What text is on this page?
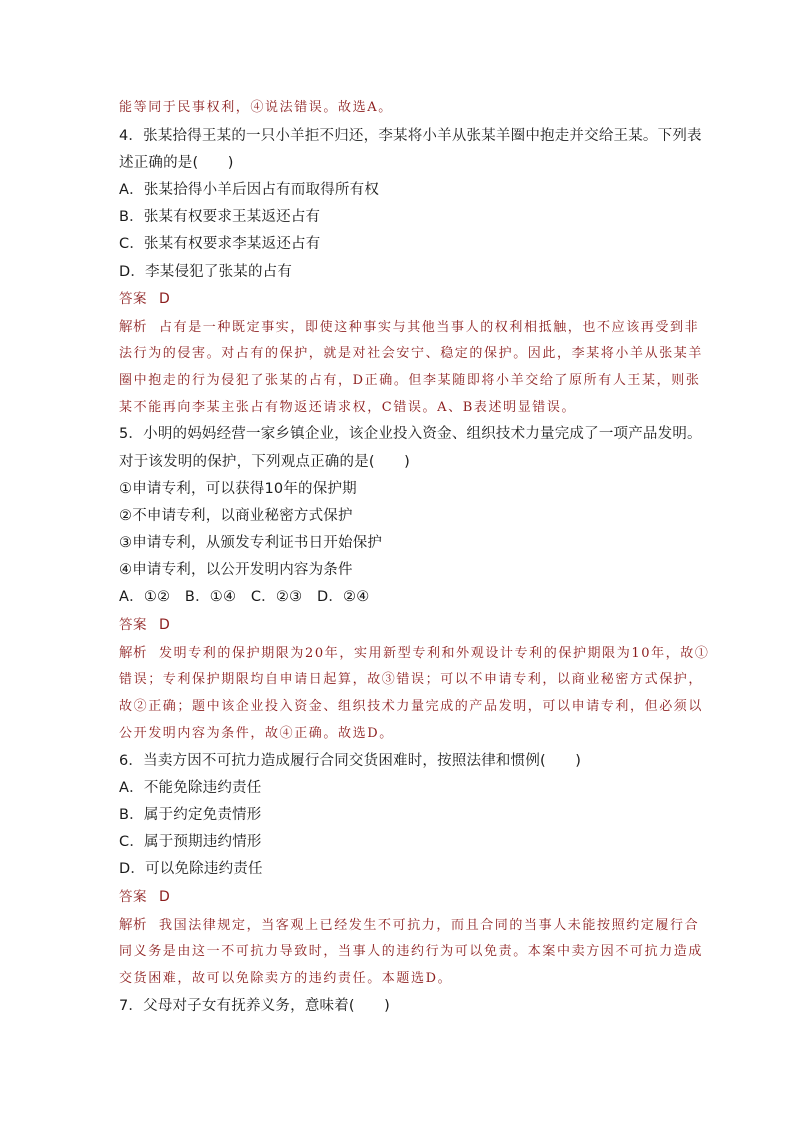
能等同于民事权利，④说法错误。故选A。
4．张某拾得王某的一只小羊拒不归还，李某将小羊从张某羊圈中抱走并交给王某。下列表
述正确的是(　　)
A．张某拾得小羊后因占有而取得所有权
B．张某有权要求王某返还占有
C．张某有权要求李某返还占有
D．李某侵犯了张某的占有
答案 D
解析 占有是一种既定事实，即使这种事实与其他当事人的权利相抵触，也不应该再受到非
法行为的侵害。对占有的保护，就是对社会安宁、稳定的保护。因此，李某将小羊从张某羊
圈中抱走的行为侵犯了张某的占有，D正确。但李某随即将小羊交给了原所有人王某，则张
某不能再向李某主张占有物返还请求权，C错误。A、B表述明显错误。
5．小明的妈妈经营一家乡镇企业，该企业投入资金、组织技术力量完成了一项产品发明。
对于该发明的保护，下列观点正确的是(　　)
①申请专利，可以获得10年的保护期
②不申请专利，以商业秘密方式保护
③申请专利，从颁发专利证书日开始保护
④申请专利，以公开发明内容为条件
A．①②　B．①④　C．②③　D．②④
答案 D
解析 发明专利的保护期限为20年，实用新型专利和外观设计专利的保护期限为10年，故①
错误；专利保护期限均自申请日起算，故③错误；可以不申请专利，以商业秘密方式保护，
故②正确；题中该企业投入资金、组织技术力量完成的产品发明，可以申请专利，但必须以
公开发明内容为条件，故④正确。故选D。
6．当卖方因不可抗力造成履行合同交货困难时，按照法律和惯例(　　)
A．不能免除违约责任
B．属于约定免责情形
C．属于预期违约情形
D．可以免除违约责任
答案 D
解析 我国法律规定，当客观上已经发生不可抗力，而且合同的当事人未能按照约定履行合
同义务是由这一不可抗力导致时，当事人的违约行为可以免责。本案中卖方因不可抗力造成
交货困难，故可以免除卖方的违约责任。本题选D。
7．父母对子女有抚养义务，意味着(　　)
